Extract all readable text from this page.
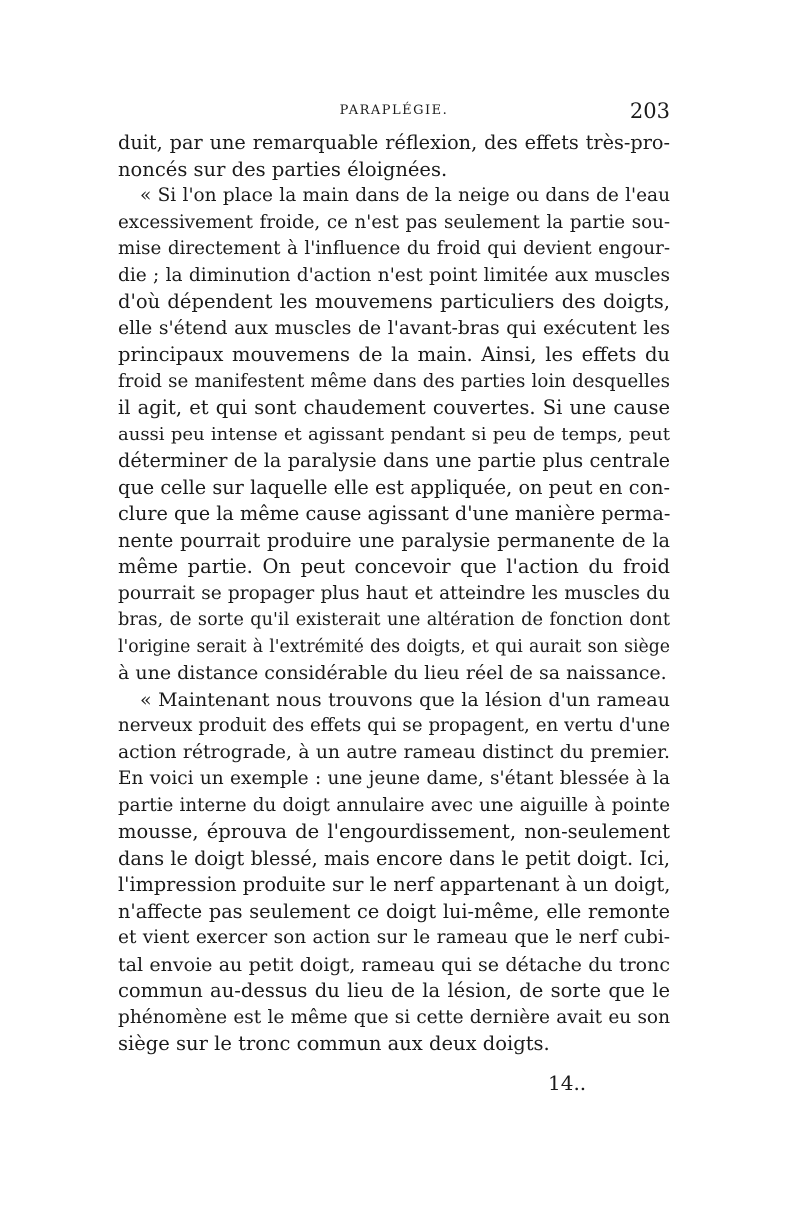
PARAPLÉGIE.	203
duit, par une remarquable réflexion, des effets très-pro-
noncés sur des parties éloignées.
« Si l'on place la main dans de la neige ou dans de l'eau
excessivement froide, ce n'est pas seulement la partie sou-
mise directement à l'influence du froid qui devient engour-
die ; la diminution d'action n'est point limitée aux muscles
d'où dépendent les mouvemens particuliers des doigts,
elle s'étend aux muscles de l'avant-bras qui exécutent les
principaux mouvemens de la main. Ainsi, les effets du
froid se manifestent même dans des parties loin desquelles
il agit, et qui sont chaudement couvertes. Si une cause
aussi peu intense et agissant pendant si peu de temps, peut
déterminer de la paralysie dans une partie plus centrale
que celle sur laquelle elle est appliquée, on peut en con-
clure que la même cause agissant d'une manière perma-
nente pourrait produire une paralysie permanente de la
même partie. On peut concevoir que l'action du froid
pourrait se propager plus haut et atteindre les muscles du
bras, de sorte qu'il existerait une altération de fonction dont
l'origine serait à l'extrémité des doigts, et qui aurait son siège
à une distance considérable du lieu réel de sa naissance.
« Maintenant nous trouvons que la lésion d'un rameau
nerveux produit des effets qui se propagent, en vertu d'une
action rétrograde, à un autre rameau distinct du premier.
En voici un exemple : une jeune dame, s'étant blessée à la
partie interne du doigt annulaire avec une aiguille à pointe
mousse, éprouva de l'engourdissement, non-seulement
dans le doigt blessé, mais encore dans le petit doigt. Ici,
l'impression produite sur le nerf appartenant à un doigt,
n'affecte pas seulement ce doigt lui-même, elle remonte
et vient exercer son action sur le rameau que le nerf cubi-
tal envoie au petit doigt, rameau qui se détache du tronc
commun au-dessus du lieu de la lésion, de sorte que le
phénomène est le même que si cette dernière avait eu son
siège sur le tronc commun aux deux doigts.
14..
